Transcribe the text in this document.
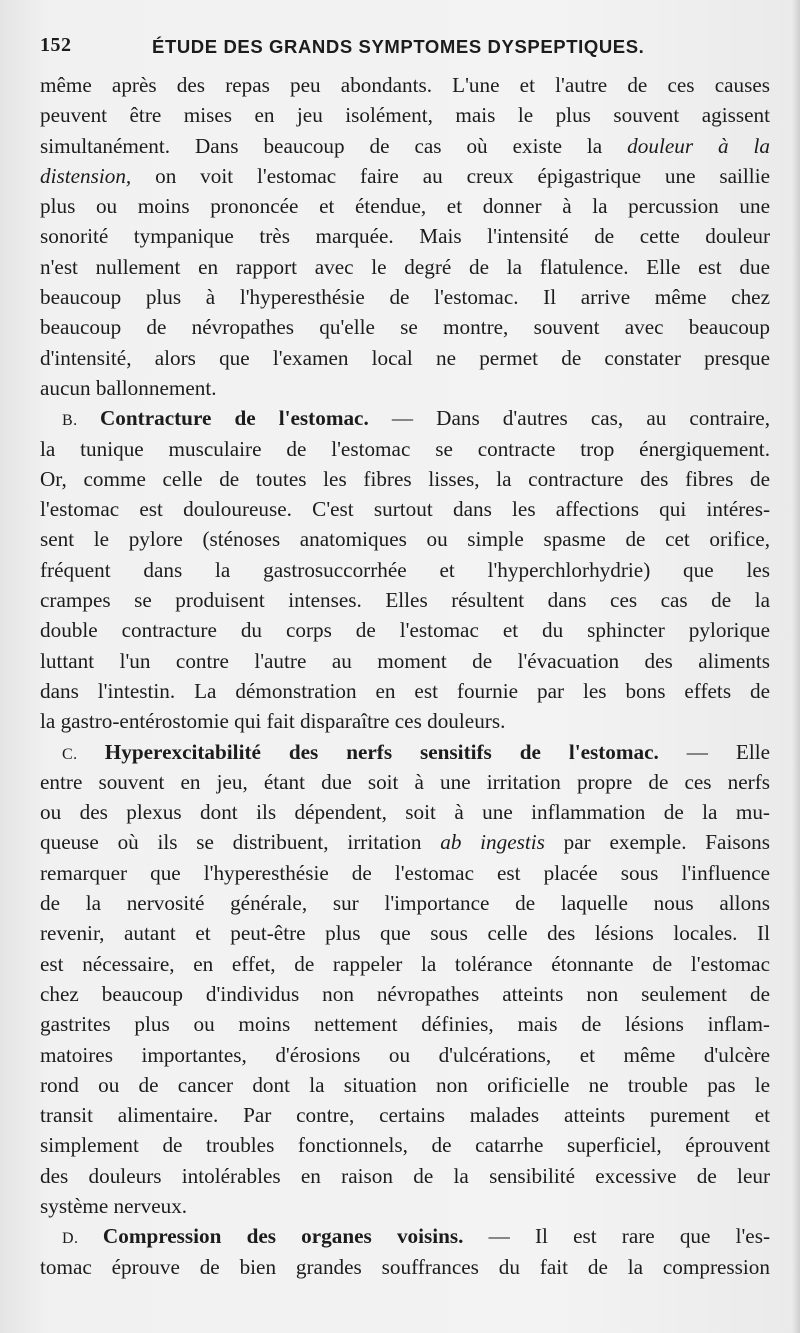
152	ÉTUDE DES GRANDS SYMPTOMES DYSPEPTIQUES.
même après des repas peu abondants. L'une et l'autre de ces causes
peuvent être mises en jeu isolément, mais le plus souvent agissent
simultanément. Dans beaucoup de cas où existe la douleur à la
distension, on voit l'estomac faire au creux épigastrique une saillie
plus ou moins prononcée et étendue, et donner à la percussion une
sonorité tympanique très marquée. Mais l'intensité de cette douleur
n'est nullement en rapport avec le degré de la flatulence. Elle est due
beaucoup plus à l'hyperesthésie de l'estomac. Il arrive même chez
beaucoup de névropathes qu'elle se montre, souvent avec beaucoup
d'intensité, alors que l'examen local ne permet de constater presque
aucun ballonnement.
B. Contracture de l'estomac. — Dans d'autres cas, au contraire,
la tunique musculaire de l'estomac se contracte trop énergiquement.
Or, comme celle de toutes les fibres lisses, la contracture des fibres de
l'estomac est douloureuse. C'est surtout dans les affections qui intéres-
sent le pylore (sténoses anatomiques ou simple spasme de cet orifice,
fréquent dans la gastrosuccorrhée et l'hyperchlorhydrie) que les
crampes se produisent intenses. Elles résultent dans ces cas de la
double contracture du corps de l'estomac et du sphincter pylorique
luttant l'un contre l'autre au moment de l'évacuation des aliments
dans l'intestin. La démonstration en est fournie par les bons effets de
la gastro-entérostomie qui fait disparaître ces douleurs.
C. Hyperexcitabilité des nerfs sensitifs de l'estomac. — Elle
entre souvent en jeu, étant due soit à une irritation propre de ces nerfs
ou des plexus dont ils dépendent, soit à une inflammation de la mu-
queuse où ils se distribuent, irritation ab ingestis par exemple. Faisons
remarquer que l'hyperesthésie de l'estomac est placée sous l'influence
de la nervosité générale, sur l'importance de laquelle nous allons
revenir, autant et peut-être plus que sous celle des lésions locales. Il
est nécessaire, en effet, de rappeler la tolérance étonnante de l'estomac
chez beaucoup d'individus non névropathes atteints non seulement de
gastrites plus ou moins nettement définies, mais de lésions inflam-
matoires importantes, d'érosions ou d'ulcérations, et même d'ulcère
rond ou de cancer dont la situation non orificielle ne trouble pas le
transit alimentaire. Par contre, certains malades atteints purement et
simplement de troubles fonctionnels, de catarrhe superficiel, éprouvent
des douleurs intolérables en raison de la sensibilité excessive de leur
système nerveux.
D. Compression des organes voisins. — Il est rare que l'es-
tomac éprouve de bien grandes souffrances du fait de la compression
